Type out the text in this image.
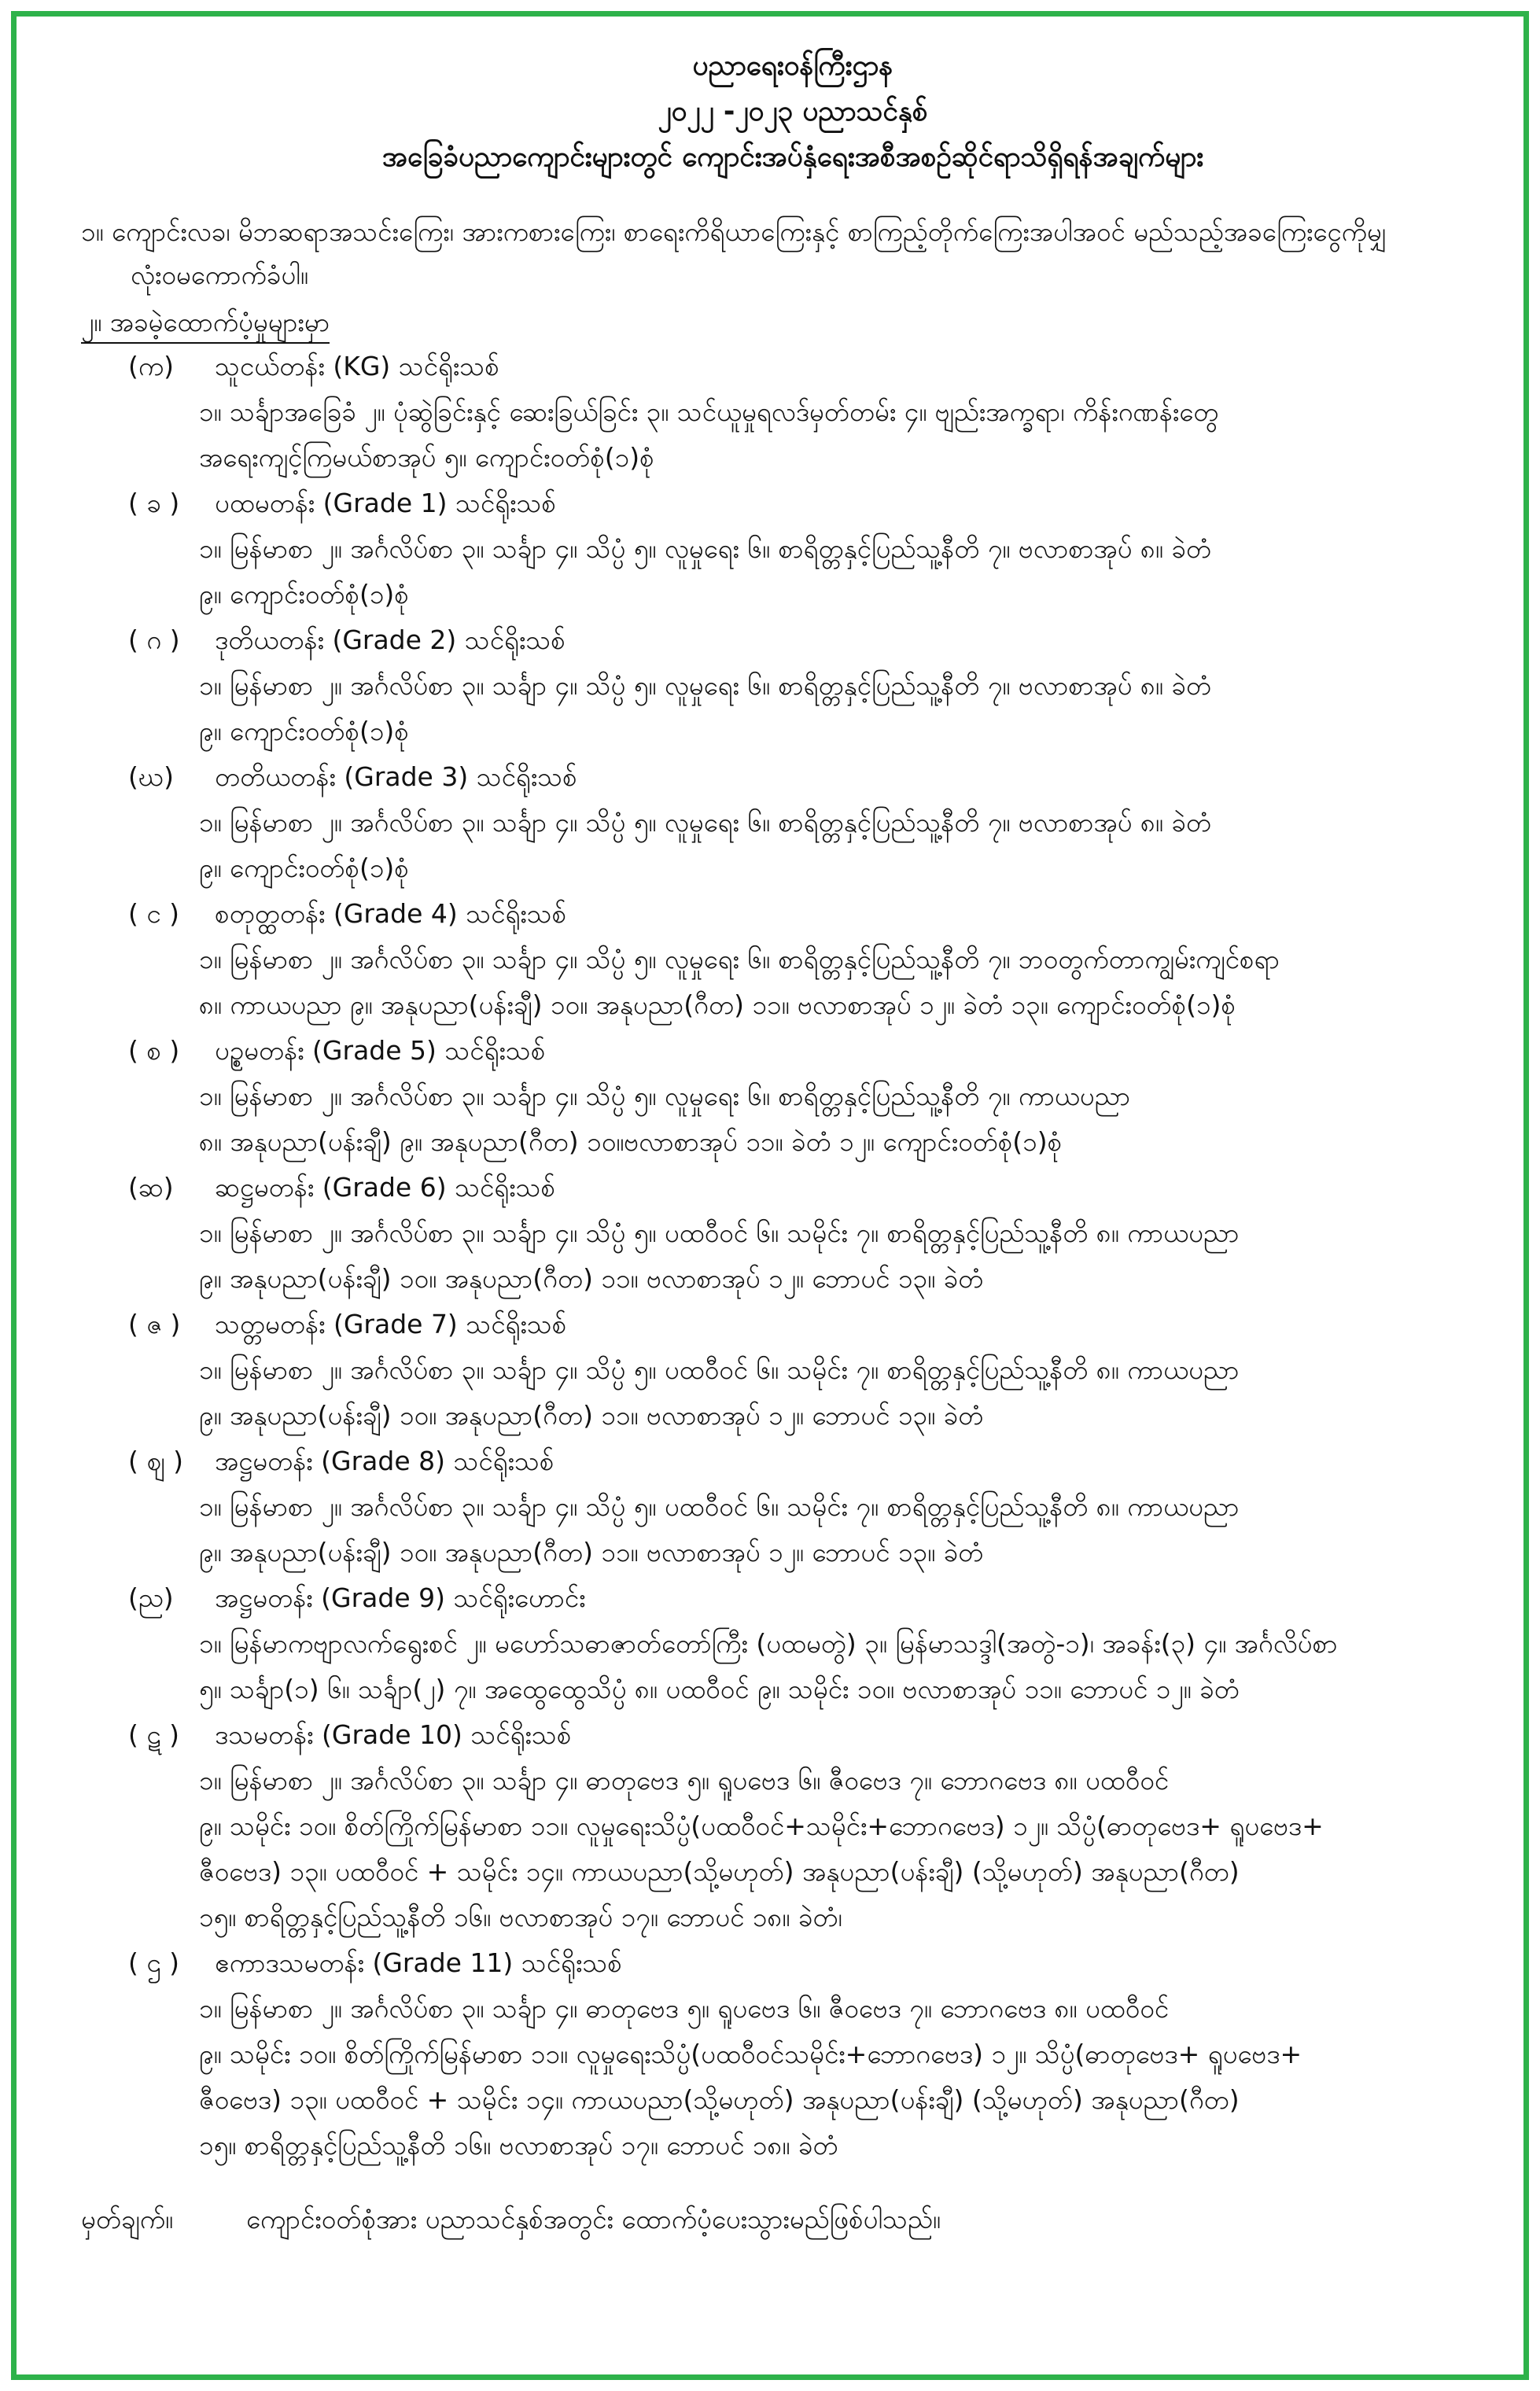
ပညာရေးဝန်ကြီးဌာန
၂၀၂၂ -၂၀၂၃ ပညာသင်နှစ်
အခြေခံပညာကျောင်းများတွင် ကျောင်းအပ်နှံရေးအစီအစဉ်ဆိုင်ရာသိရှိရန်အချက်များ
၁။ ကျောင်းလခ၊ မိဘဆရာအသင်းကြေး၊ အားကစားကြေး၊ စာရေးကိရိယာကြေးနှင့် စာကြည့်တိုက်ကြေးအပါအဝင် မည်သည့်အခကြေးငွေကိုမျှ
လုံးဝမကောက်ခံပါ။
၂။ အခမဲ့ထောက်ပံ့မှုများမှာ
(က) သူငယ်တန်း (KG) သင်ရိုးသစ်
၁။ သင်္ချာအခြေခံ ၂။ ပုံဆွဲခြင်းနှင့် ဆေးခြယ်ခြင်း ၃။ သင်ယူမှုရလဒ်မှတ်တမ်း ၄။ ဗျည်းအက္ခရာ၊ ကိန်းဂဏန်းတွေ
အရေးကျင့်ကြမယ်စာအုပ် ၅။ ကျောင်းဝတ်စုံ(၁)စုံ
( ခ ) ပထမတန်း (Grade 1) သင်ရိုးသစ်
၁။ မြန်မာစာ ၂။ အင်္ဂလိပ်စာ ၃။ သင်္ချာ ၄။ သိပ္ပံ ၅။ လူမှုရေး ၆။ စာရိတ္တနှင့်ပြည်သူ့နီတိ ၇။ ဗလာစာအုပ် ၈။ ခဲတံ
၉။ ကျောင်းဝတ်စုံ(၁)စုံ
( ဂ ) ဒုတိယတန်း (Grade 2) သင်ရိုးသစ်
၁။ မြန်မာစာ ၂။ အင်္ဂလိပ်စာ ၃။ သင်္ချာ ၄။ သိပ္ပံ ၅။ လူမှုရေး ၆။ စာရိတ္တနှင့်ပြည်သူ့နီတိ ၇။ ဗလာစာအုပ် ၈။ ခဲတံ
၉။ ကျောင်းဝတ်စုံ(၁)စုံ
(ဃ) တတိယတန်း (Grade 3) သင်ရိုးသစ်
၁။ မြန်မာစာ ၂။ အင်္ဂလိပ်စာ ၃။ သင်္ချာ ၄။ သိပ္ပံ ၅။ လူမှုရေး ၆။ စာရိတ္တနှင့်ပြည်သူ့နီတိ ၇။ ဗလာစာအုပ် ၈။ ခဲတံ
၉။ ကျောင်းဝတ်စုံ(၁)စုံ
( င ) စတုတ္ထတန်း (Grade 4) သင်ရိုးသစ်
၁။ မြန်မာစာ ၂။ အင်္ဂလိပ်စာ ၃။ သင်္ချာ ၄။ သိပ္ပံ ၅။ လူမှုရေး ၆။ စာရိတ္တနှင့်ပြည်သူ့နီတိ ၇။ ဘဝတွက်တာကျွမ်းကျင်စရာ
၈။ ကာယပညာ ၉။ အနုပညာ(ပန်းချီ) ၁၀။ အနုပညာ(ဂီတ) ၁၁။ ဗလာစာအုပ် ၁၂။ ခဲတံ ၁၃။ ကျောင်းဝတ်စုံ(၁)စုံ
( စ ) ပဥ္စမတန်း (Grade 5) သင်ရိုးသစ်
၁။ မြန်မာစာ ၂။ အင်္ဂလိပ်စာ ၃။ သင်္ချာ ၄။ သိပ္ပံ ၅။ လူမှုရေး ၆။ စာရိတ္တနှင့်ပြည်သူ့နီတိ ၇။ ကာယပညာ
၈။ အနုပညာ(ပန်းချီ) ၉။ အနုပညာ(ဂီတ) ၁၀။ဗလာစာအုပ် ၁၁။ ခဲတံ ၁၂။ ကျောင်းဝတ်စုံ(၁)စုံ
(ဆ) ဆဋ္ဌမတန်း (Grade 6) သင်ရိုးသစ်
၁။ မြန်မာစာ ၂။ အင်္ဂလိပ်စာ ၃။ သင်္ချာ ၄။ သိပ္ပံ ၅။ ပထဝီဝင် ၆။ သမိုင်း ၇။ စာရိတ္တနှင့်ပြည်သူ့နီတိ ၈။ ကာယပညာ
၉။ အနုပညာ(ပန်းချီ) ၁၀။ အနုပညာ(ဂီတ) ၁၁။ ဗလာစာအုပ် ၁၂။ ဘောပင် ၁၃။ ခဲတံ
( ဇ ) သတ္တမတန်း (Grade 7) သင်ရိုးသစ်
၁။ မြန်မာစာ ၂။ အင်္ဂလိပ်စာ ၃။ သင်္ချာ ၄။ သိပ္ပံ ၅။ ပထဝီဝင် ၆။ သမိုင်း ၇။ စာရိတ္တနှင့်ပြည်သူ့နီတိ ၈။ ကာယပညာ
၉။ အနုပညာ(ပန်းချီ) ၁၀။ အနုပညာ(ဂီတ) ၁၁။ ဗလာစာအုပ် ၁၂။ ဘောပင် ၁၃။ ခဲတံ
( ဈ ) အဋ္ဌမတန်း (Grade 8) သင်ရိုးသစ်
၁။ မြန်မာစာ ၂။ အင်္ဂလိပ်စာ ၃။ သင်္ချာ ၄။ သိပ္ပံ ၅။ ပထဝီဝင် ၆။ သမိုင်း ၇။ စာရိတ္တနှင့်ပြည်သူ့နီတိ ၈။ ကာယပညာ
၉။ အနုပညာ(ပန်းချီ) ၁၀။ အနုပညာ(ဂီတ) ၁၁။ ဗလာစာအုပ် ၁၂။ ဘောပင် ၁၃။ ခဲတံ
(ည) အဋ္ဌမတန်း (Grade 9) သင်ရိုးဟောင်း
၁။ မြန်မာကဗျာလက်ရွေးစင် ၂။ မဟော်သဓာဇာတ်တော်ကြီး (ပထမတွဲ) ၃။ မြန်မာသဒ္ဒါ(အတွဲ-၁)၊ အခန်း(၃) ၄။ အင်္ဂလိပ်စာ
၅။ သင်္ချာ(၁) ၆။ သင်္ချာ(၂) ၇။ အထွေထွေသိပ္ပံ ၈။ ပထဝီဝင် ၉။ သမိုင်း ၁၀။ ဗလာစာအုပ် ၁၁။ ဘောပင် ၁၂။ ခဲတံ
( ဋ ) ဒသမတန်း (Grade 10) သင်ရိုးသစ်
၁။ မြန်မာစာ ၂။ အင်္ဂလိပ်စာ ၃။ သင်္ချာ ၄။ ဓာတုဗေဒ ၅။ ရူပဗေဒ ၆။ ဇီဝဗေဒ ၇။ ဘောဂဗေဒ ၈။ ပထဝီဝင်
၉။ သမိုင်း ၁၀။ စိတ်ကြိုက်မြန်မာစာ ၁၁။ လူမှုရေးသိပ္ပံ(ပထဝီဝင်+သမိုင်း+ဘောဂဗေဒ) ၁၂။ သိပ္ပံ(ဓာတုဗေဒ+ ရူပဗေဒ+
ဇီဝဗေဒ) ၁၃။ ပထဝီဝင် + သမိုင်း ၁၄။ ကာယပညာ(သို့မဟုတ်) အနုပညာ(ပန်းချီ) (သို့မဟုတ်) အနုပညာ(ဂီတ)
၁၅။ စာရိတ္တနှင့်ပြည်သူ့နီတိ ၁၆။ ဗလာစာအုပ် ၁၇။ ဘောပင် ၁၈။ ခဲတံ၊
( ဌ ) ဧကာဒသမတန်း (Grade 11) သင်ရိုးသစ်
၁။ မြန်မာစာ ၂။ အင်္ဂလိပ်စာ ၃။ သင်္ချာ ၄။ ဓာတုဗေဒ ၅။ ရူပဗေဒ ၆။ ဇီဝဗေဒ ၇။ ဘောဂဗေဒ ၈။ ပထဝီဝင်
၉။ သမိုင်း ၁၀။ စိတ်ကြိုက်မြန်မာစာ ၁၁။ လူမှုရေးသိပ္ပံ(ပထဝီဝင်သမိုင်း+ဘောဂဗေဒ) ၁၂။ သိပ္ပံ(ဓာတုဗေဒ+ ရူပဗေဒ+
ဇီဝဗေဒ) ၁၃။ ပထဝီဝင် + သမိုင်း ၁၄။ ကာယပညာ(သို့မဟုတ်) အနုပညာ(ပန်းချီ) (သို့မဟုတ်) အနုပညာ(ဂီတ)
၁၅။ စာရိတ္တနှင့်ပြည်သူ့နီတိ ၁၆။ ဗလာစာအုပ် ၁၇။ ဘောပင် ၁၈။ ခဲတံ
မှတ်ချက်။	ကျောင်းဝတ်စုံအား ပညာသင်နှစ်အတွင်း ထောက်ပံ့ပေးသွားမည်ဖြစ်ပါသည်။
